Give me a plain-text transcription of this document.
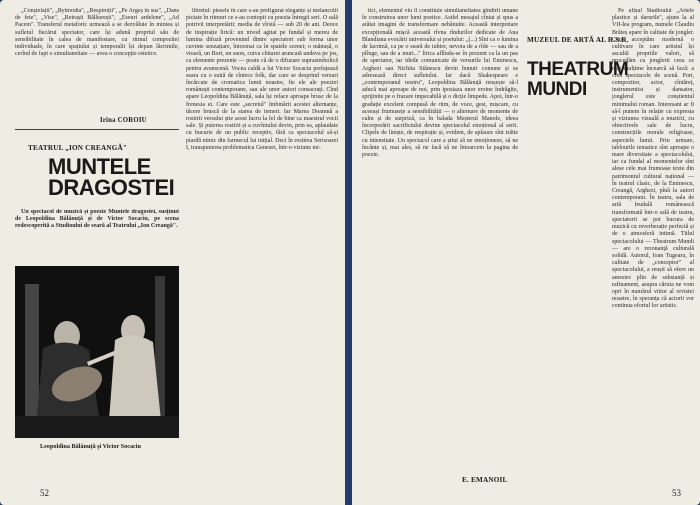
„Conștelații", „Rytmodia", „Respiroții", „Pe Argeș în sus", „Dans de fete", „Vise", „Retrașii Bălăurești", „Eseuri ardelene", „Ad Pacem". Transferul metaforic urmează a se dezvăluie în mintea și sufletul fiecărui spectator, care își adună propriul său de sensibilitate în calea de manifestare, cu ritmul compozitei individuale, în care spațiului și temporalii își depun lăcrimile, cerînd de fapt o simultaneitate — avea o concepție estetice.

Irina COROIU
TEATRUL „ION CREANGĂ"
MUNTELE DRAGOSTEI

Un spectacol de muzică și poezie Muntele dragostei, susținut de Leopoldina Bălănuță și de Victor Socaciu, pe scena redescoperită a Studioului de seară al Teatrului „Ion Creangă".

Leopoldina Bălănuță și Victor Socaciu

libretul: piesele în care s-au prefigurat eleganțe și melancolii pictate în ritmuri ce s-au contopit cu poezia întregii seri. O sală potrivit interpretării: media de vîrstă — sub 20 de ani. Deoce de inspirație lirică: un nivod agitat pe fundal și mereu de lumina difuză provenind dintre spectatori sub forma unor cuvinte senzațiare, întocmai ca în spatele scenei; o mănușă, o vioară, un Bort, un suon, cuiva chitarei aruncată undeva pe jos, ca elemente prezente — poate că de o difuzare suprasimbolică pentru avanscenă. Vocea caldă a lui Victor Socaciu prefațează seara cu o suită de cîntece folk, dar care se desprind versuri încărcate de cromatica lumii noastre, fie ele ale poeziei românești contemporane, sau ale unor autori consacrați. Cînd apare Leopoldina Bălănuță, sala își reface aproape brusc de la frenesia ei. Care este „secretul" îmbinării acestei alternanțe, tăcere bruscă de la starea de temeri. Iar Marea Doamnă a rostirii versului știe acest lucru la fel de bine ca maestrul vocii sale. Și puterea rostirii și a cuvîntului devin, prin ea, aplaudate cu bucurie de un public receptiv, fără ca spectacolul să-și piardă nimic din farmecul lui inițial. Deci în rostirea Serisoarei I, transpunerea problematica Genezei, într-o viziune mi-

52

tici, elementul viu îl constituie simultaneitatea gîndirii umane în construirea unor lumi poetice. Astfel mesajul cîntat și spus a arătat imagini de transformare nebănuite. Această interpretare excepțională mișcă această rîvna rîndurilor dedicate de Ana Blandiana evocării universului și poetului: „(...) Sînt ca o lumina de lacrimă, ca pe o seară de iubire, nevoia de a rîde — sau de a plînge, sau de a muri..." lirica aflîndu-se în prezent ca la un pas de spectator, iar ideile comunicate de versurile lui Eminescu, Arghezi sau Nichita Stănescu devin bunuri comune și se adresează direct sufletului. Iar dacă Shakespeare e „contemporanul nostru", Leopoldina Bălănuță reușește să-l aducă mai aproape de noi, prin ipostaza unor eroine îndrăgite, sprijinite pe o frazare impecabilă și o dicție limpede. Apoi, într-o gradație excelent compusă de ritm, de voce, gest, mișcare, cu aceeași frumusețe a sensibilității — o alternare de momente de calm și de surpriză, ca în balada Meșterul Manole, ideea încorporării sacrificiului devine spectacolul emoțional al serii. Clipele de liniște, de respirație și, evident, de aplauze sînt trăite cu intensitate. Un spectacol care a știut să ne emoționeze, să ne încânte și, mai ales, să ne facă să ne întoarcem la pagina de poezie.

E. EMANOIL
MUZEUL DE ARTĂ AL R.S.R.
THEATRUM MUNDI

Pe afișul Studioului „Artele plastice și darurile", ajuns la al VII-lea program, numele Claudiu Brăteș apare în calitate de jongler. Cum acceptăm modernă o cultivare în care artistul își ascultă propriile valori, să procedăm cu jonglerii ceea ce mai mulțime încearcă să facă: a crea spectacole de scenă. Port, compozitor, actor, cîntăreț, instrumentist și dansator, jonglerul este conștientul minimului roman. Interesant ar fi să-l punem în relație cu expresia și viziunea vizuală a muzicii, cu obiectivele sale de lucru, construcțiile morale religioase, aspectele lumii. Prin urmare, tablourile tematice sînt aproape o mare diversitate a spectacolului, iar ca fundal al momentelor sînt alese cele mai frumoase texte din patrimoniul cultural național — în teatrul clasic, de la Eminescu, Creangă, Arghezi, pînă la autori contemporani. În teatru, sala de artă feudală românească transformată într-o sală de teatru, spectatorii se pot bucura de muzică cu reverberație perfectă și de o atmosferă intimă. Titlul spectacolului — Theatrum Mundi — are o rezonanță culturală solidă. Autorul, Ioan Tugearu, în calitate de „conceptor" al spectacolului, a reușit să ofere un amestec plin de substanță și rafinament, asupra căruia ne vom opri în numărul viitor al revistei noastre, în speranța că actorii vor continua efortul lor artistic.

53
